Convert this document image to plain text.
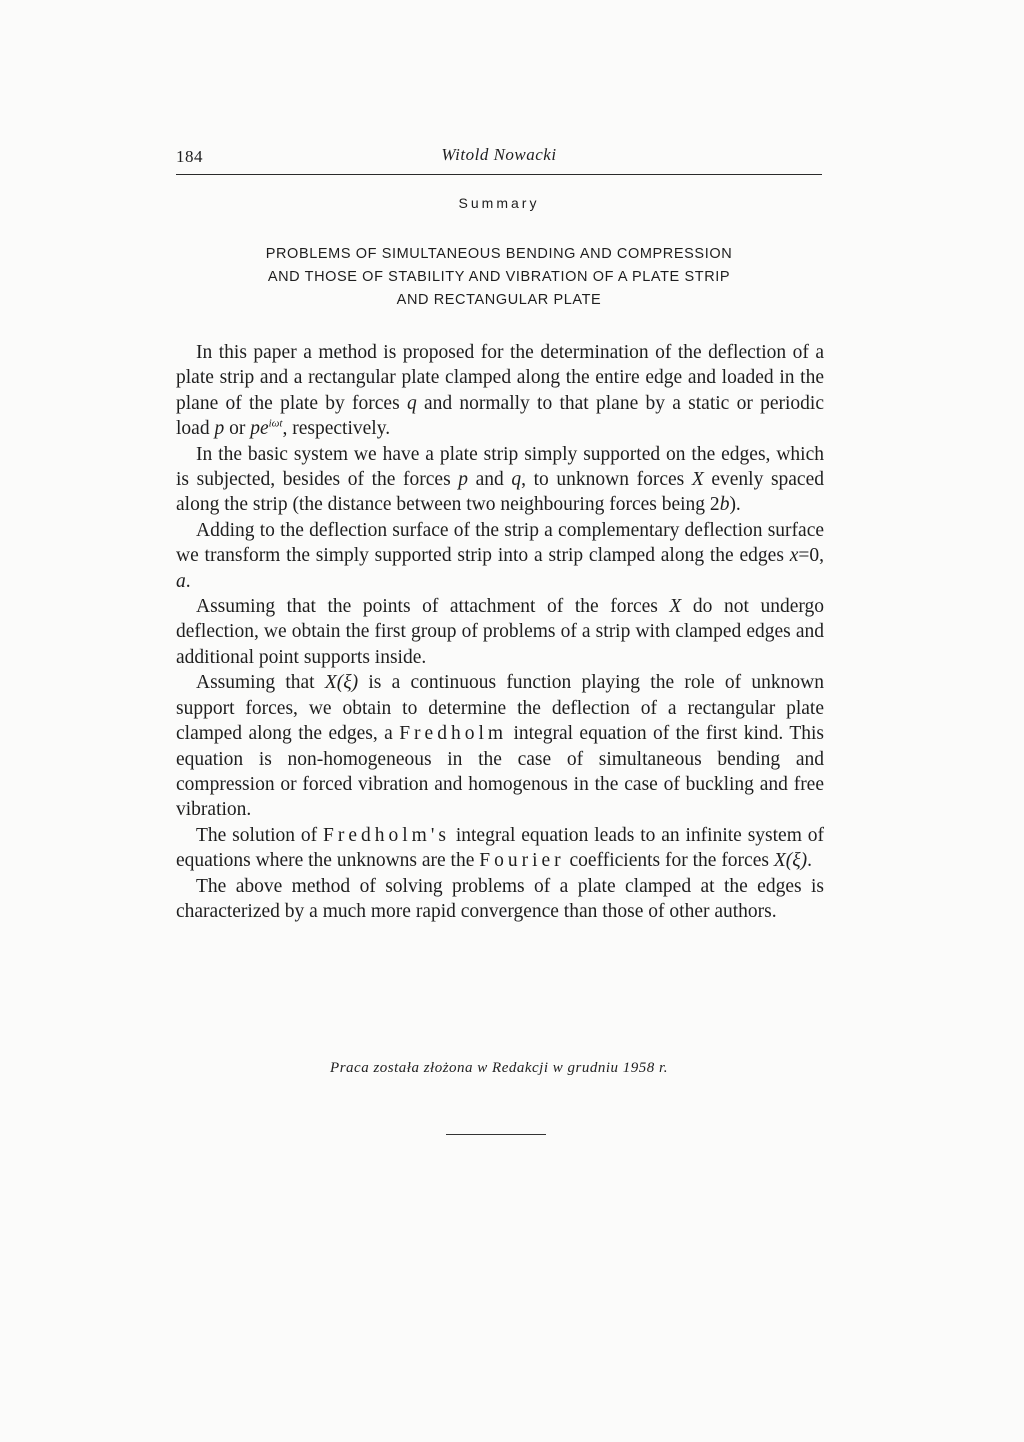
184	Witold Nowacki
Summary
PROBLEMS OF SIMULTANEOUS BENDING AND COMPRESSION
AND THOSE OF STABILITY AND VIBRATION OF A PLATE STRIP
AND RECTANGULAR PLATE

In this paper a method is proposed for the determination of the deflection of a plate strip and a rectangular plate clamped along the entire edge and loaded in the plane of the plate by forces q and normally to that plane by a static or periodic load p or $pe^{i\omega t}$, respectively.

In the basic system we have a plate strip simply supported on the edges, which is subjected, besides of the forces p and q, to unknown forces X evenly spaced along the strip (the distance between two neighbouring forces being 2b).

Adding to the deflection surface of the strip a complementary deflection surface we transform the simply supported strip into a strip clamped along the edges x=0, a.

Assuming that the points of attachment of the forces X do not undergo deflection, we obtain the first group of problems of a strip with clamped edges and additional point supports inside.

Assuming that X(ξ) is a continuous function playing the role of unknown support forces, we obtain to determine the deflection of a rectangular plate clamped along the edges, a Fredholm integral equation of the first kind. This equation is non-homogeneous in the case of simultaneous bending and compression or forced vibration and homogenous in the case of buckling and free vibration.

The solution of Fredholm's integral equation leads to an infinite system of equations where the unknowns are the Fourier coefficients for the forces X(ξ).

The above method of solving problems of a plate clamped at the edges is characterized by a much more rapid convergence than those of other authors.

Praca została złożona w Redakcji w grudniu 1958 r.
